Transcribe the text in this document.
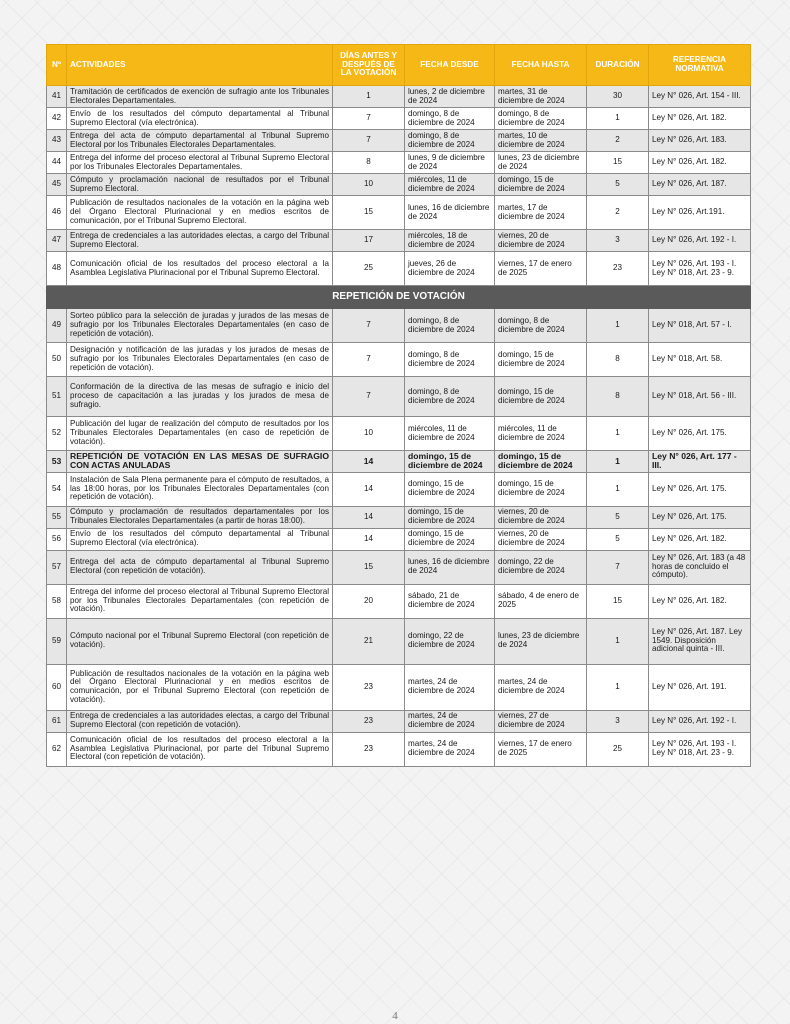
Nº	ACTIVIDADES	DÍAS ANTES Y DESPUÉS DE LA VOTACIÓN	FECHA DESDE	FECHA HASTA	DURACIÓN	REFERENCIA NORMATIVA
41	Tramitación de certificados de exención de sufragio ante los Tribunales Electorales Departamentales.	1	lunes, 2 de diciembre de 2024	martes, 31 de diciembre de 2024	30	Ley N° 026, Art. 154 - III.
42	Envío de los resultados del cómputo departamental al Tribunal Supremo Electoral (vía electrónica).	7	domingo, 8 de diciembre de 2024	domingo, 8 de diciembre de 2024	1	Ley N° 026, Art. 182.
43	Entrega del acta de cómputo departamental al Tribunal Supremo Electoral por los Tribunales Electorales Departamentales.	7	domingo, 8 de diciembre de 2024	martes, 10 de diciembre de 2024	2	Ley N° 026, Art. 183.
44	Entrega del informe del proceso electoral al Tribunal Supremo Electoral por los Tribunales Electorales Departamentales.	8	lunes, 9 de diciembre de 2024	lunes, 23 de diciembre de 2024	15	Ley N° 026, Art. 182.
45	Cómputo y proclamación nacional de resultados por el Tribunal Supremo Electoral.	10	miércoles, 11 de diciembre de 2024	domingo, 15 de diciembre de 2024	5	Ley N° 026, Art. 187.
46	Publicación de resultados nacionales de la votación en la página web del Órgano Electoral Plurinacional y en medios escritos de comunicación, por el Tribunal Supremo Electoral.	15	lunes, 16 de diciembre de 2024	martes, 17 de diciembre de 2024	2	Ley N° 026, Art.191.
47	Entrega de credenciales a las autoridades electas, a cargo del Tribunal Supremo Electoral.	17	miércoles, 18 de diciembre de 2024	viernes, 20 de diciembre de 2024	3	Ley N° 026, Art. 192 - I.
48	Comunicación oficial de los resultados del proceso electoral a la Asamblea Legislativa Plurinacional por el Tribunal Supremo Electoral.	25	jueves, 26 de diciembre de 2024	viernes, 17 de enero de 2025	23	Ley N° 026, Art. 193 - I. Ley N° 018, Art. 23 - 9.
REPETICIÓN DE VOTACIÓN						
49	Sorteo público para la selección de juradas y jurados de las mesas de sufragio por los Tribunales Electorales Departamentales (en caso de repetición de votación).	7	domingo, 8 de diciembre de 2024	domingo, 8 de diciembre de 2024	1	Ley N° 018, Art. 57 - I.
50	Designación y notificación de las juradas y los jurados de mesas de sufragio por los Tribunales Electorales Departamentales (en caso de repetición de votación).	7	domingo, 8 de diciembre de 2024	domingo, 15 de diciembre de 2024	8	Ley N° 018, Art. 58.
51	Conformación de la directiva de las mesas de sufragio e inicio del proceso de capacitación a las juradas y los jurados de mesa de sufragio.	7	domingo, 8 de diciembre de 2024	domingo, 15 de diciembre de 2024	8	Ley N° 018, Art. 56 - III.
52	Publicación del lugar de realización del cómputo de resultados por los Tribunales Electorales Departamentales (en caso de repetición de votación).	10	miércoles, 11 de diciembre de 2024	miércoles, 11 de diciembre de 2024	1	Ley N° 026, Art. 175.
53	REPETICIÓN DE VOTACIÓN EN LAS MESAS DE SUFRAGIO CON ACTAS ANULADAS	14	domingo, 15 de diciembre de 2024	domingo, 15 de diciembre de 2024	1	Ley N° 026, Art. 177 - III.
54	Instalación de Sala Plena permanente para el cómputo de resultados, a las 18:00 horas, por los Tribunales Electorales Departamentales (con repetición de votación).	14	domingo, 15 de diciembre de 2024	domingo, 15 de diciembre de 2024	1	Ley N° 026, Art. 175.
55	Cómputo y proclamación de resultados departamentales por los Tribunales Electorales Departamentales (a partir de horas 18:00).	14	domingo, 15 de diciembre de 2024	viernes, 20 de diciembre de 2024	5	Ley N° 026, Art. 175.
56	Envío de los resultados del cómputo departamental al Tribunal Supremo Electoral (vía electrónica).	14	domingo, 15 de diciembre de 2024	viernes, 20 de diciembre de 2024	5	Ley N° 026, Art. 182.
57	Entrega del acta de cómputo departamental al Tribunal Supremo Electoral (con repetición de votación).	15	lunes, 16 de diciembre de 2024	domingo, 22 de diciembre de 2024	7	Ley N° 026, Art. 183 (a 48 horas de concluido el cómputo).
58	Entrega del informe del proceso electoral al Tribunal Supremo Electoral por los Tribunales Electorales Departamentales (con repetición de votación).	20	sábado, 21 de diciembre de 2024	sábado, 4 de enero de 2025	15	Ley N° 026, Art. 182.
59	Cómputo nacional por el Tribunal Supremo Electoral (con repetición de votación).	21	domingo, 22 de diciembre de 2024	lunes, 23 de diciembre de 2024	1	Ley N° 026, Art. 187. Ley 1549. Disposición adicional quinta - III.
60	Publicación de resultados nacionales de la votación en la página web del Órgano Electoral Plurinacional y en medios escritos de comunicación, por el Tribunal Supremo Electoral (con repetición de votación).	23	martes, 24 de diciembre de 2024	martes, 24 de diciembre de 2024	1	Ley N° 026, Art. 191.
61	Entrega de credenciales a las autoridades electas, a cargo del Tribunal Supremo Electoral (con repetición de votación).	23	martes, 24 de diciembre de 2024	viernes, 27 de diciembre de 2024	3	Ley N° 026, Art. 192 - I.
62	Comunicación oficial de los resultados del proceso electoral a la Asamblea Legislativa Plurinacional, por parte del Tribunal Supremo Electoral (con repetición de votación).	23	martes, 24 de diciembre de 2024	viernes, 17 de enero de 2025	25	Ley N° 026, Art. 193 - I. Ley N° 018, Art. 23 - 9.
4
